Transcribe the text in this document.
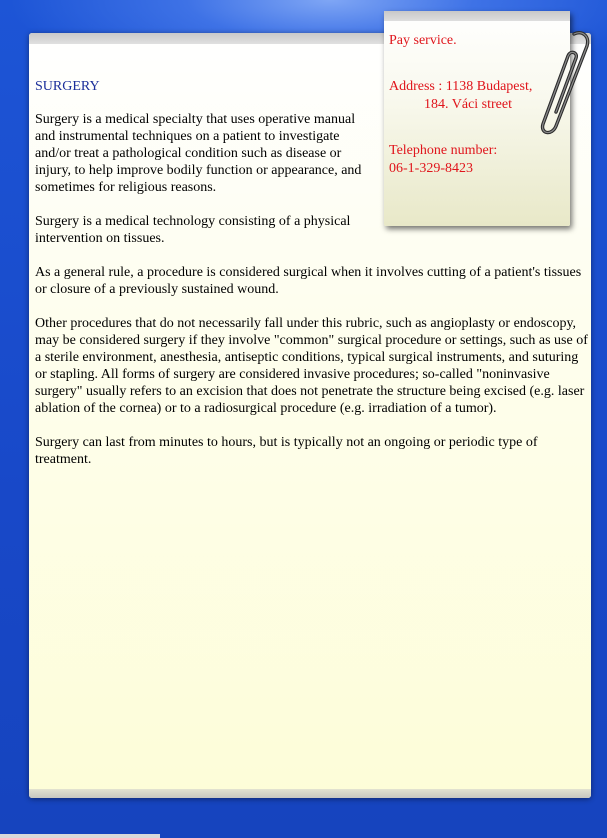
SURGERY

Surgery is a medical specialty that uses operative manual and instrumental techniques on a patient to investigate and/or treat a pathological condition such as disease or injury, to help improve bodily function or appearance, and sometimes for religious reasons.

Surgery is a medical technology consisting of a physical intervention on tissues.

As a general rule, a procedure is considered surgical when it involves cutting of a patient's tissues or closure of a previously sustained wound.

Other procedures that do not necessarily fall under this rubric, such as angioplasty or endoscopy, may be considered surgery if they involve "common" surgical procedure or settings, such as use of a sterile environment, anesthesia, antiseptic conditions, typical surgical instruments, and suturing or stapling. All forms of surgery are considered invasive procedures; so-called "noninvasive surgery" usually refers to an excision that does not penetrate the structure being excised (e.g. laser ablation of the cornea) or to a radiosurgical procedure (e.g. irradiation of a tumor).

Surgery can last from minutes to hours, but is typically not an ongoing or periodic type of treatment.

Pay service.

Address : 1138 Budapest,

184. Váci street

Telephone number:

06-1-329-8423
